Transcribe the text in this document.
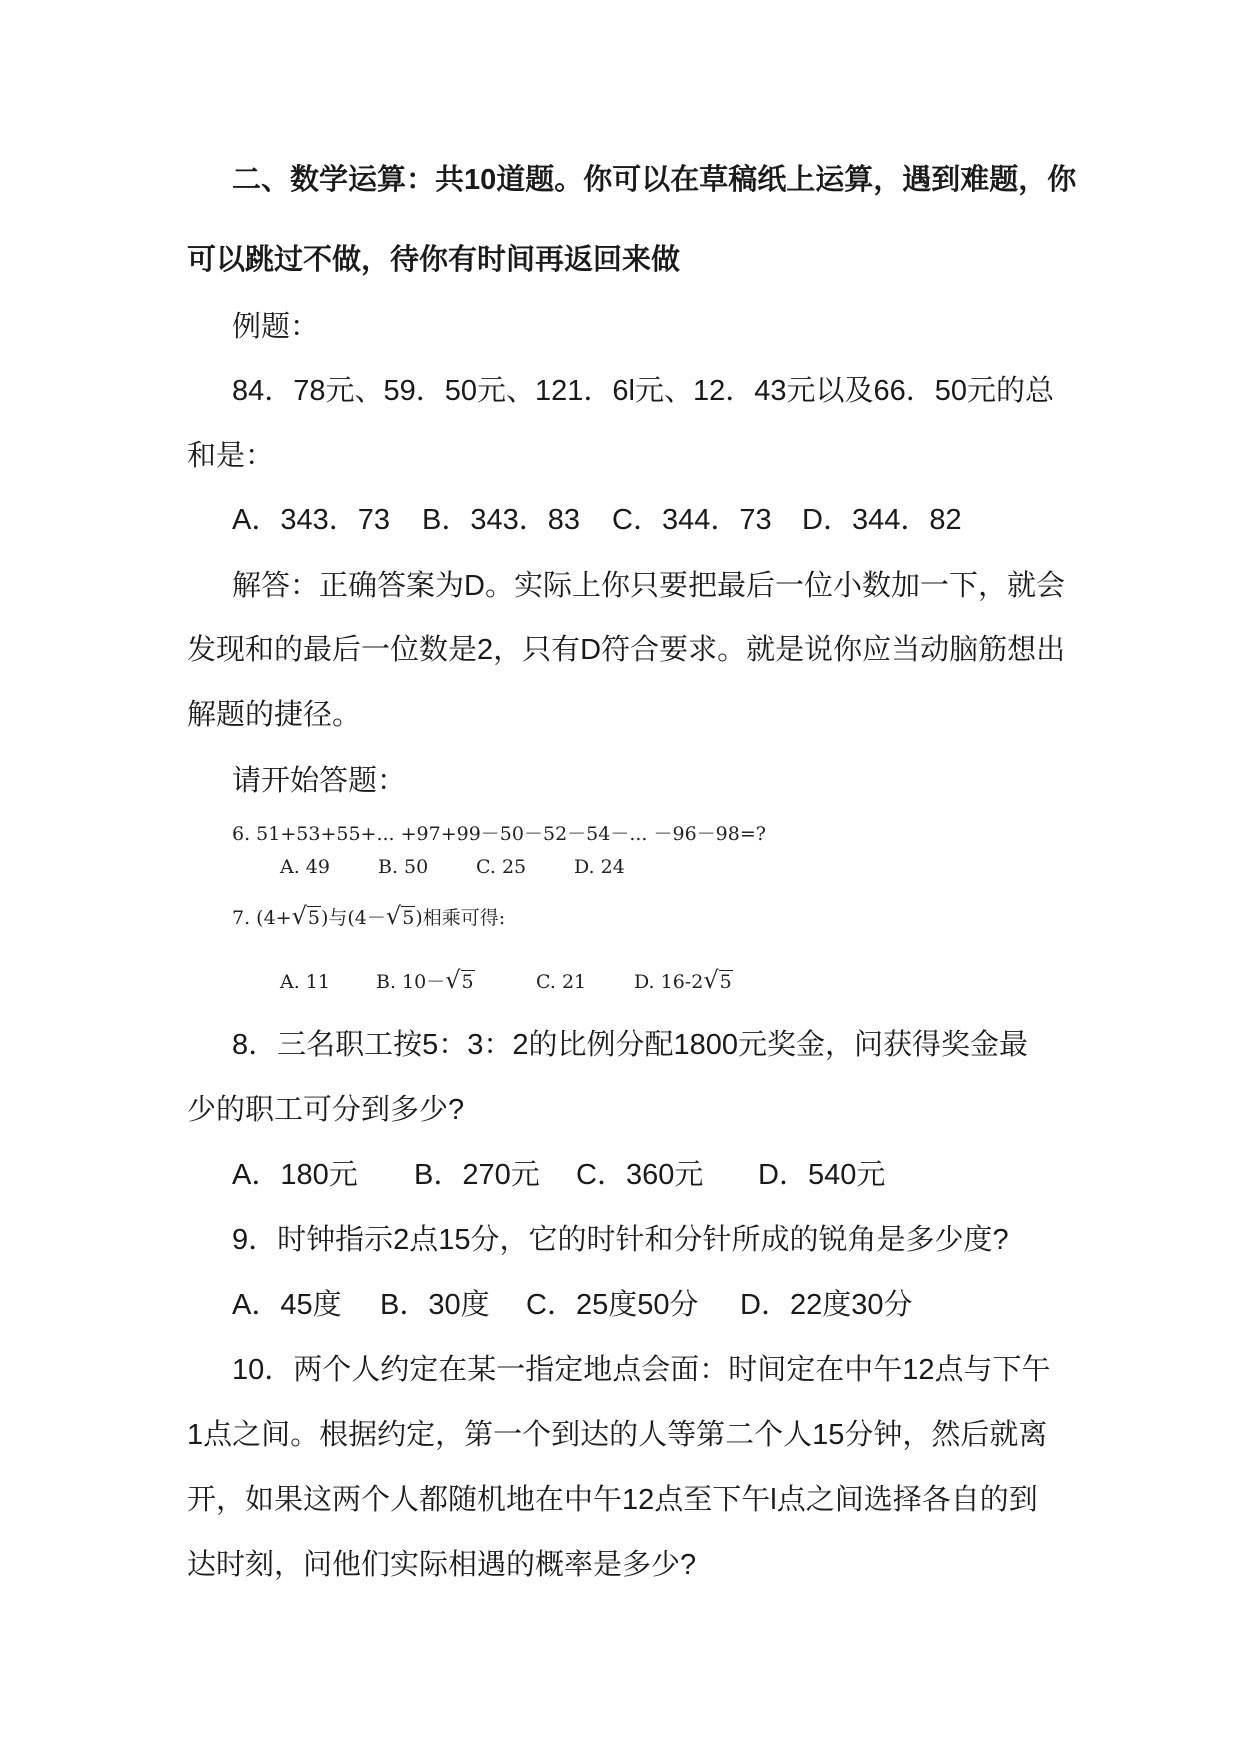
二、数学运算：共10道题。你可以在草稿纸上运算，遇到难题，你
可以跳过不做，待你有时间再返回来做
例题：
84．78元、59．50元、121．6l元、12．43元以及66．50元的总
和是：
A．343．73 B．343．83 C．344．73 D．344．82
解答：正确答案为D。实际上你只要把最后一位小数加一下，就会
发现和的最后一位数是2，只有D符合要求。就是说你应当动脑筋想出
解题的捷径。
请开始答题：
6. 51+53+55+... +97+99－50－52－54－... －96－98=?
A. 49	B. 50	C. 25	D. 24
7. (4+√5)与(4－√5)相乘可得:
A. 11 B. 10－√5	C. 21	D. 16-2√5
8．三名职工按5：3：2的比例分配1800元奖金，问获得奖金最
少的职工可分到多少?
A．180元 B．270元 C．360元 D．540元
9．时钟指示2点15分，它的时针和分针所成的锐角是多少度?
A．45度 B．30度 C．25度50分 D．22度30分
10．两个人约定在某一指定地点会面：时间定在中午12点与下午
1点之间。根据约定，第一个到达的人等第二个人15分钟，然后就离
开，如果这两个人都随机地在中午12点至下午l点之间选择各自的到
达时刻，问他们实际相遇的概率是多少?
